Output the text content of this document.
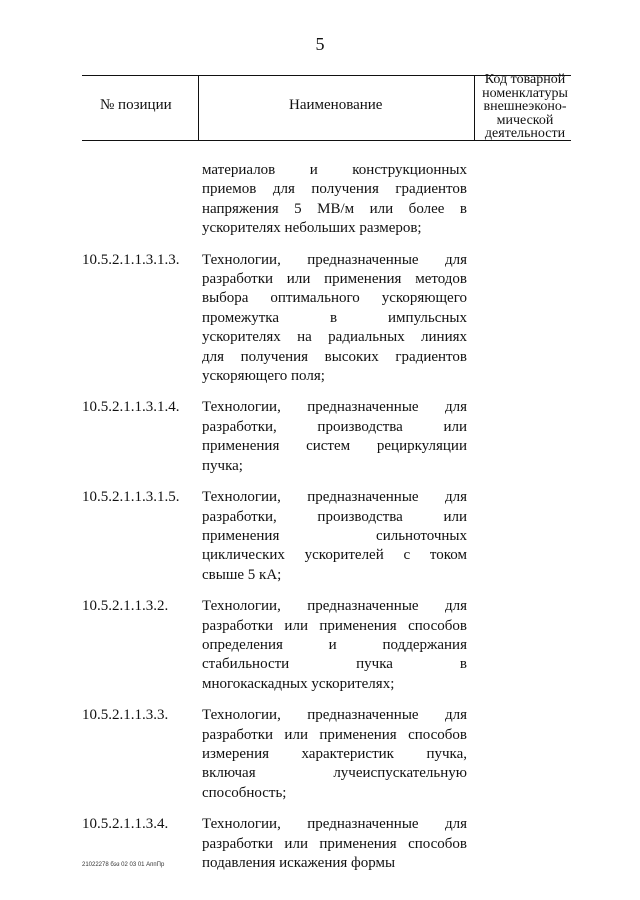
5
№ позиции	Наименование
Код товарной
номенклатуры
внешнеэконо-
мической
деятельности
материалов и конструкционных
приемов для получения градиентов
напряжения 5 МВ/м или более в
ускорителях небольших размеров;
10.5.2.1.1.3.1.3. Технологии, предназначенные для
разработки или применения методов
выбора оптимального ускоряющего
промежутка в импульсных
ускорителях на радиальных линиях
для получения высоких градиентов
ускоряющего поля;
10.5.2.1.1.3.1.4. Технологии, предназначенные для
разработки, производства или
применения систем рециркуляции
пучка;
10.5.2.1.1.3.1.5. Технологии, предназначенные для
разработки, производства или
применения сильноточных
циклических ускорителей с током
свыше 5 кА;
10.5.2.1.1.3.2. Технологии, предназначенные для
разработки или применения способов
определения и поддержания
стабильности пучка в
многокаскадных ускорителях;
10.5.2.1.1.3.3. Технологии, предназначенные для
разработки или применения способов
измерения характеристик пучка,
включая лучеиспускательную
способность;
10.5.2.1.1.3.4. Технологии, предназначенные для
разработки или применения способов
подавления искажения формы
21022278 бэз 02 03 01 АппПр
